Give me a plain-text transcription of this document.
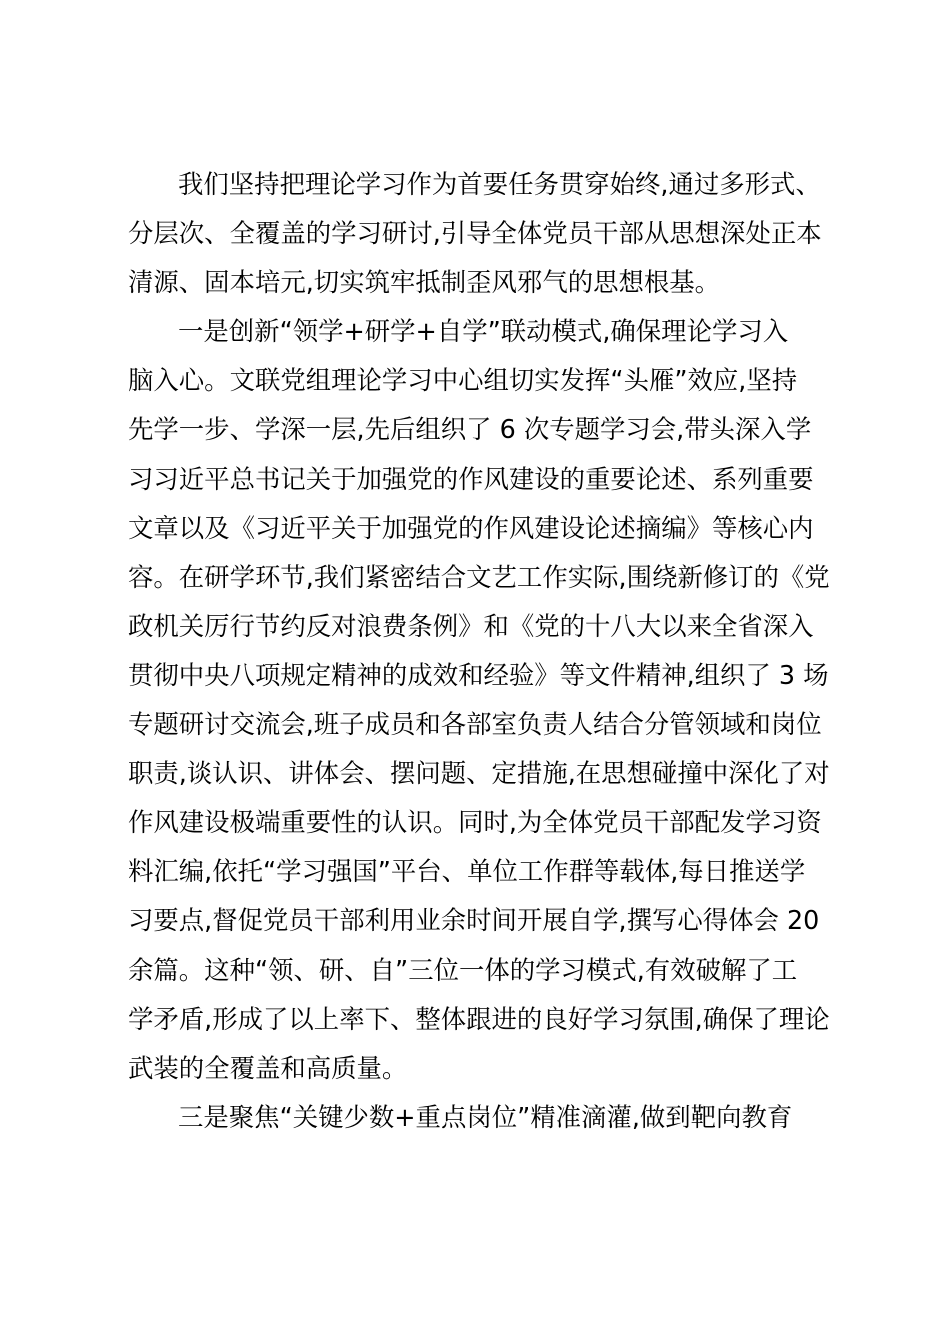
我们坚持把理论学习作为首要任务贯穿始终,通过多形式、
分层次、全覆盖的学习研讨,引导全体党员干部从思想深处正本
清源、固本培元,切实筑牢抵制歪风邪气的思想根基。

一是创新“领学+研学+自学”联动模式,确保理论学习入
脑入心。文联党组理论学习中心组切实发挥“头雁”效应,坚持
先学一步、学深一层,先后组织了 6 次专题学习会,带头深入学
习习近平总书记关于加强党的作风建设的重要论述、系列重要
文章以及《习近平关于加强党的作风建设论述摘编》等核心内
容。在研学环节,我们紧密结合文艺工作实际,围绕新修订的《党
政机关厉行节约反对浪费条例》和《党的十八大以来全省深入
贯彻中央八项规定精神的成效和经验》等文件精神,组织了 3 场
专题研讨交流会,班子成员和各部室负责人结合分管领域和岗位
职责,谈认识、讲体会、摆问题、定措施,在思想碰撞中深化了对
作风建设极端重要性的认识。同时,为全体党员干部配发学习资
料汇编,依托“学习强国”平台、单位工作群等载体,每日推送学
习要点,督促党员干部利用业余时间开展自学,撰写心得体会 20
余篇。这种“领、研、自”三位一体的学习模式,有效破解了工
学矛盾,形成了以上率下、整体跟进的良好学习氛围,确保了理论
武装的全覆盖和高质量。

三是聚焦“关键少数+重点岗位”精准滴灌,做到靶向教育
